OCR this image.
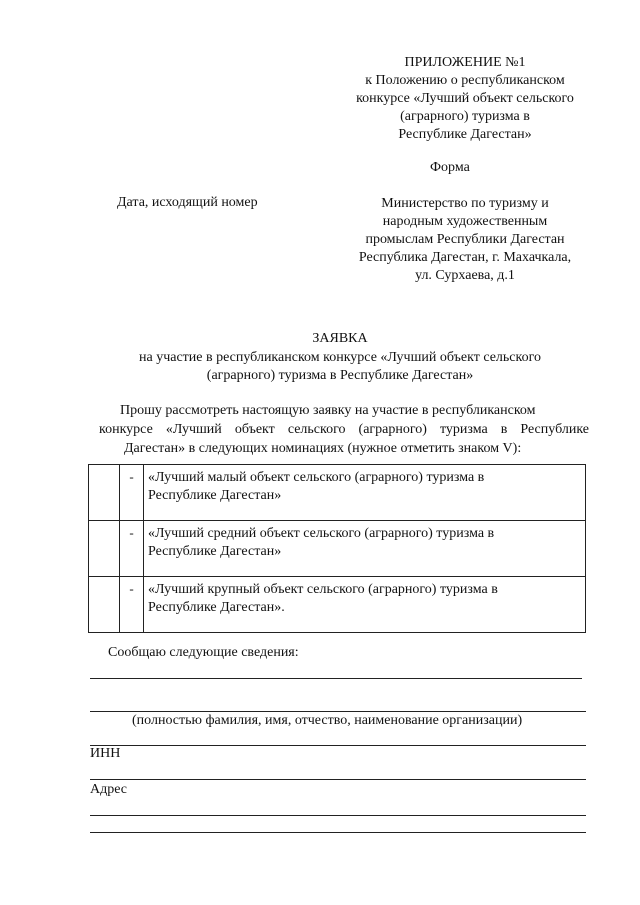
ПРИЛОЖЕНИЕ №1
к Положению о республиканском
конкурсе «Лучший объект сельского
(аграрного) туризма в
Республике Дагестан»
Форма
Дата, исходящий номер	Министерство по туризму и
народным художественным
промыслам Республики Дагестан
Республика Дагестан, г. Махачкала,
ул. Сурхаева, д.1
ЗАЯВКА
на участие в республиканском конкурсе «Лучший объект сельского
(аграрного) туризма в Республике Дагестан»
Прошу рассмотреть настоящую заявку на участие в республиканском
конкурсе «Лучший объект сельского (аграрного) туризма в Республике
Дагестан» в следующих номинациях (нужное отметить знаком V):
	-	«Лучший малый объект сельского (аграрного) туризма в
Республике Дагестан»

	-	«Лучший средний объект сельского (аграрного) туризма в
Республике Дагестан»

	-	«Лучший крупный объект сельского (аграрного) туризма в
Республике Дагестан».
Сообщаю следующие сведения:
(полностью фамилия, имя, отчество, наименование организации)
ИНН
Адрес
